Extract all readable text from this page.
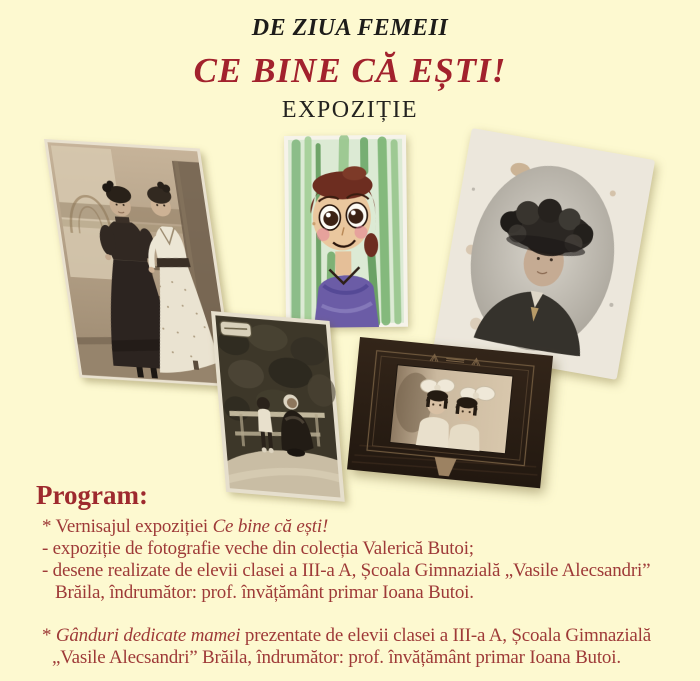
DE ZIUA FEMEII
CE BINE CĂ EȘTI!
EXPOZIȚIE
Program:
* Vernisajul expoziției Ce bine că ești!
- expoziție de fotografie veche din colecția Valerică Butoi;
- desene realizate de elevii clasei a III-a A, Școala Gimnazială „Vasile Alecsandri”
Brăila, îndrumător: prof. învățământ primar Ioana Butoi.
* Gânduri dedicate mamei prezentate de elevii clasei a III-a A, Școala Gimnazială
„Vasile Alecsandri” Brăila, îndrumător: prof. învățământ primar Ioana Butoi.
